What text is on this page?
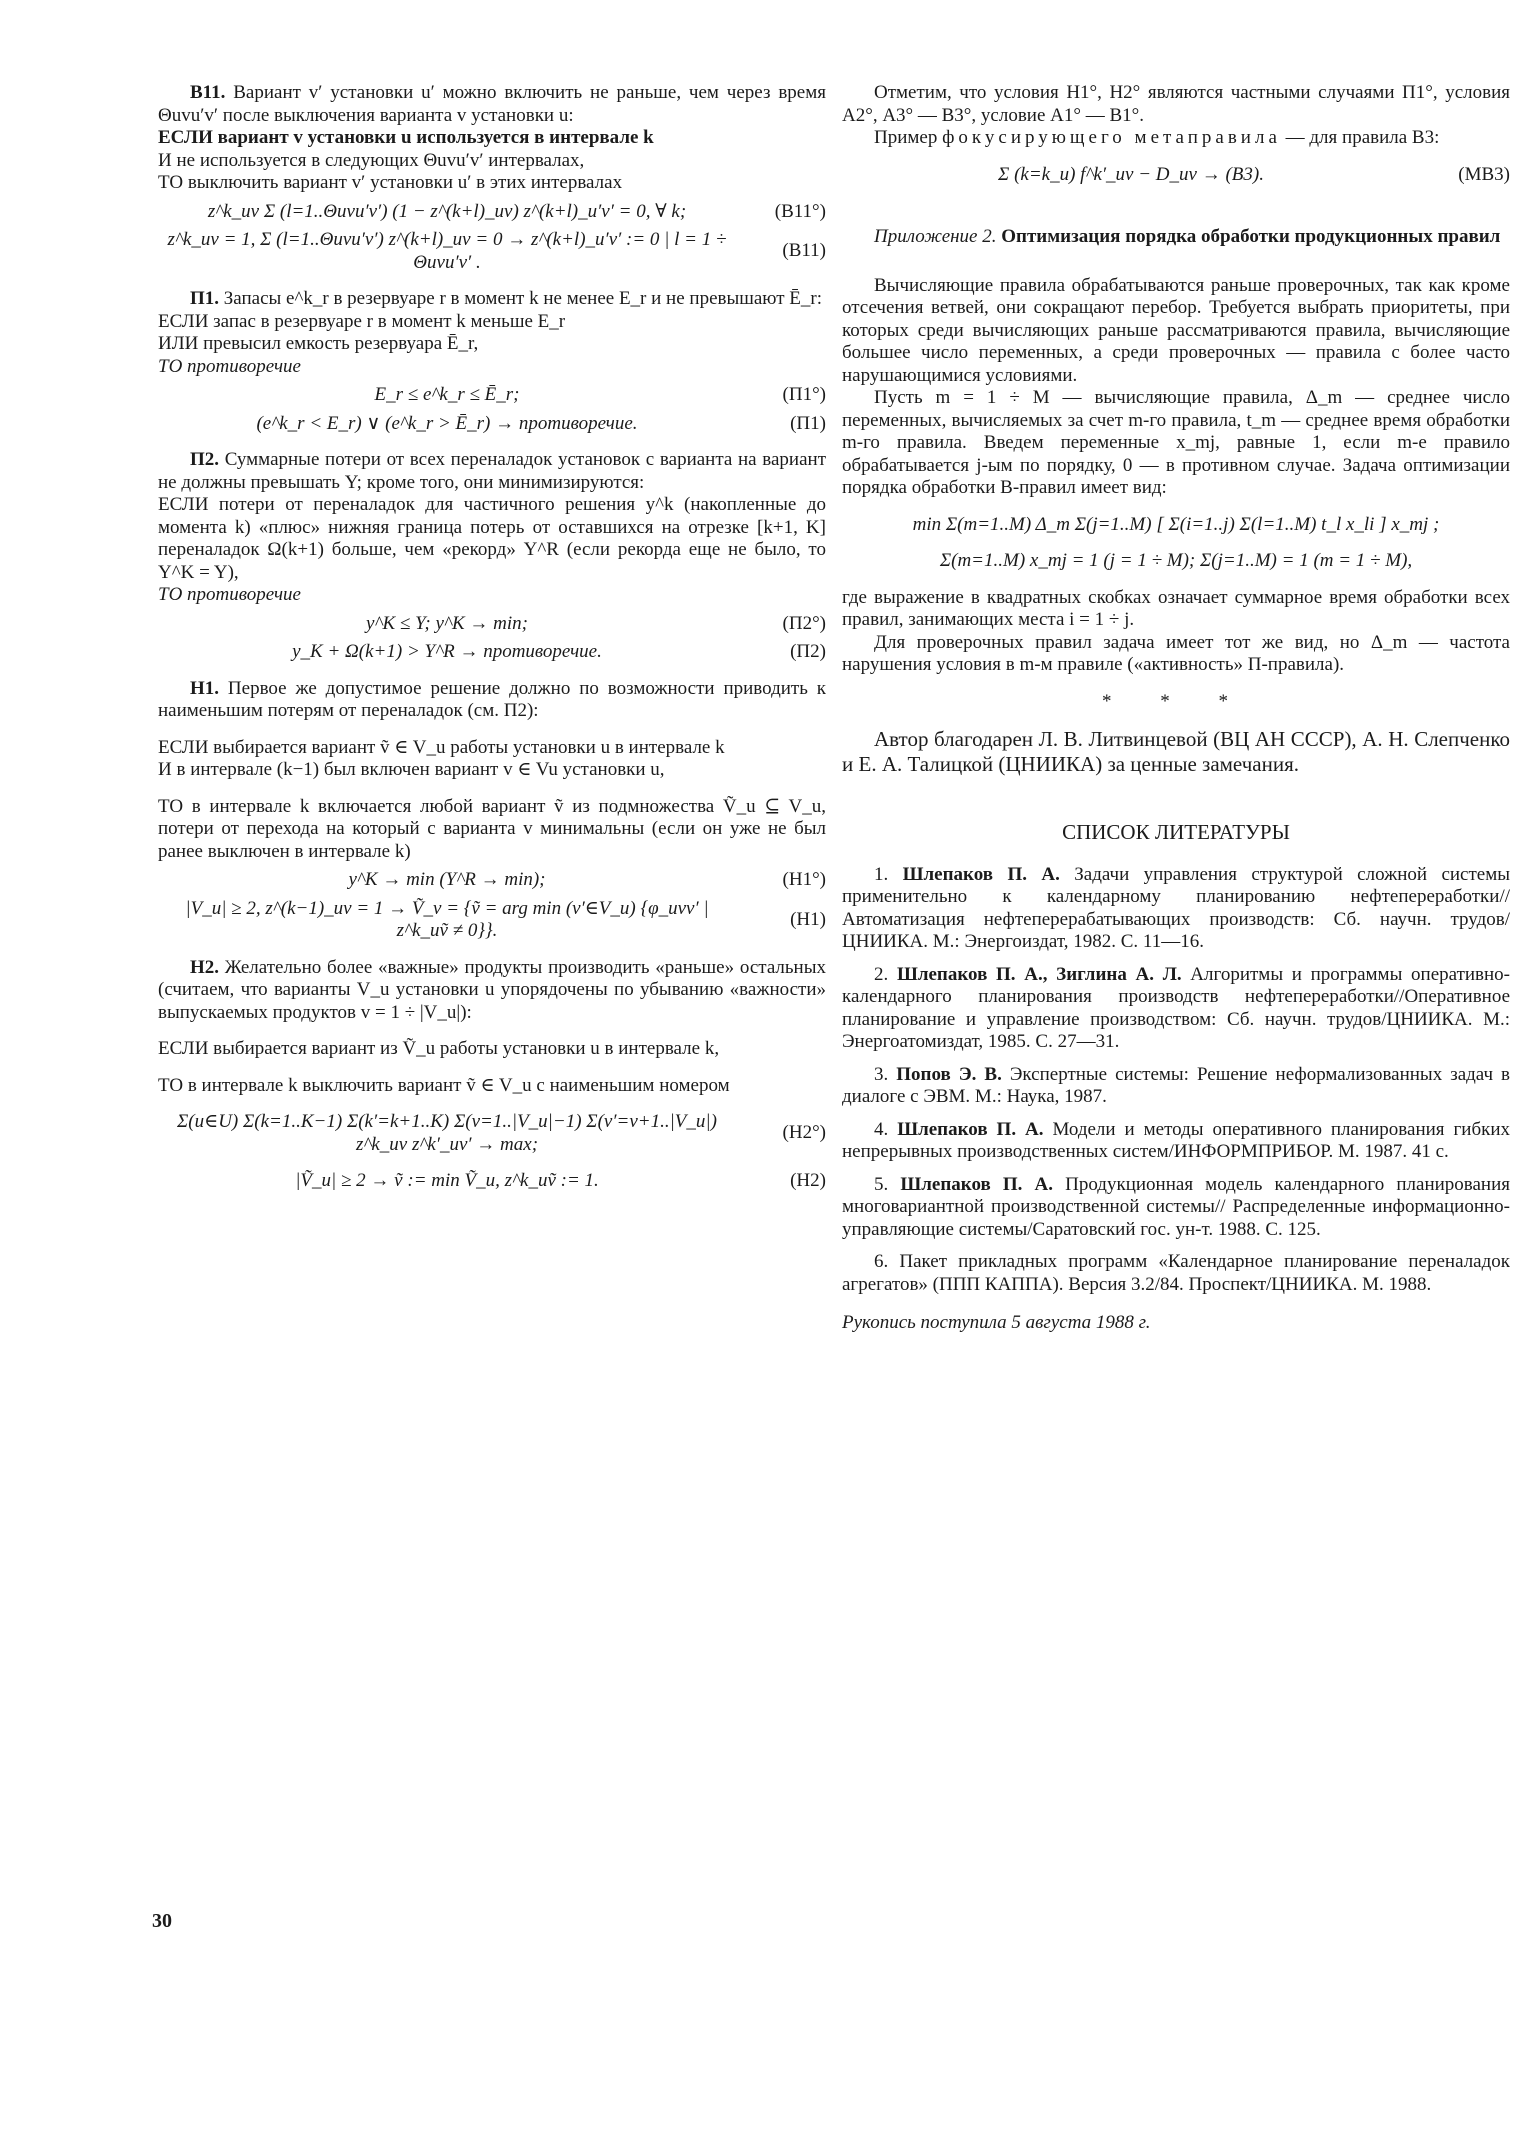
B11. Вариант v′ установки u′ можно включить не раньше, чем через время Θuvu′v′ после выключения варианта v установки u:

ЕСЛИ вариант v установки u используется в интервале k

И не используется в следующих Θuvu′v′ интервалах,

ТО выключить вариант v′ установки u′ в этих интервалах

z^k_uv Σ (l=1..Θuvu′v′) (1 − z^(k+l)_uv) z^(k+l)_u′v′ = 0, ∀ k;	(B11°)
z^k_uv = 1, Σ (l=1..Θuvu′v′) z^(k+l)_uv = 0 → z^(k+l)_u′v′ := 0 | l = 1 ÷ Θuvu′v′ .
(B11)

П1. Запасы e^k_r в резервуаре r в момент k не менее E_r и не превышают Ē_r:

ЕСЛИ запас в резервуаре r в момент k меньше E_r

ИЛИ превысил емкость резервуара Ē_r,

ТО противоречие

E_r ≤ e^k_r ≤ Ē_r;	(П1°)
(e^k_r < E_r) ∨ (e^k_r > Ē_r) → противоречие.	(П1)

П2. Суммарные потери от всех переналадок установок с варианта на вариант не должны превышать Y; кроме того, они минимизируются:

ЕСЛИ потери от переналадок для частичного решения y^k (накопленные до момента k) «плюс» нижняя граница потерь от оставшихся на отрезке [k+1, K] переналадок Ω(k+1) больше, чем «рекорд» Y^R (если рекорда еще не было, то Y^K = Y),

ТО противоречие

y^K ≤ Y; y^K → min;	(П2°)
y_K + Ω(k+1) > Y^R → противоречие.	(П2)

Н1. Первое же допустимое решение должно по возможности приводить к наименьшим потерям от переналадок (см. П2):

ЕСЛИ выбирается вариант ṽ ∈ V_u работы установки u в интервале k

И в интервале (k−1) был включен вариант v ∈ Vu установки u,

ТО в интервале k включается любой вариант ṽ из подмножества Ṽ_u ⊆ V_u, потери от перехода на который с варианта v минимальны (если он уже не был ранее выключен в интервале k)

y^K → min (Y^R → min);	(Н1°)
|V_u| ≥ 2, z^(k−1)_uv = 1 → Ṽ_v = {ṽ = arg min (v′∈V_u) {φ_uvv′ | z^k_uṽ ≠ 0}}.
(Н1)

Н2. Желательно более «важные» продукты производить «раньше» остальных (считаем, что варианты V_u установки u упорядочены по убыванию «важности» выпускаемых продуктов v = 1 ÷ |V_u|):

ЕСЛИ выбирается вариант из Ṽ_u работы установки u в интервале k,

ТО в интервале k выключить вариант ṽ ∈ V_u с наименьшим номером

Σ(u∈U) Σ(k=1..K−1) Σ(k′=k+1..K) Σ(v=1..|V_u|−1) Σ(v′=v+1..|V_u|) z^k_uv z^k′_uv′ → max;
(Н2°)
|Ṽ_u| ≥ 2 → ṽ := min Ṽ_u, z^k_uṽ := 1.	(Н2)

Отметим, что условия Н1°, Н2° являются частными случаями П1°, условия А2°, А3° — В3°, условие А1° — В1°.

Пример фокусирующего метаправила — для правила В3:

Σ (k=k_u) f^k′_uv − D_uv → (B3).	(МВ3)

Приложение 2. Оптимизация порядка обработки продукционных правил

Вычисляющие правила обрабатываются раньше проверочных, так как кроме отсечения ветвей, они сокращают перебор. Требуется выбрать приоритеты, при которых среди вычисляющих раньше рассматриваются правила, вычисляющие большее число переменных, а среди проверочных — правила с более часто нарушающимися условиями.

Пусть m = 1 ÷ M — вычисляющие правила, Δ_m — среднее число переменных, вычисляемых за счет m-го правила, t_m — среднее время обработки m-го правила. Введем переменные x_mj, равные 1, если m-е правило обрабатывается j-ым по порядку, 0 — в противном случае. Задача оптимизации порядка обработки В-правил имеет вид:

min Σ(m=1..M) Δ_m Σ(j=1..M) [ Σ(i=1..j) Σ(l=1..M) t_l x_li ] x_mj ;
Σ(m=1..M) x_mj = 1 (j = 1 ÷ M); Σ(j=1..M) = 1 (m = 1 ÷ M),

где выражение в квадратных скобках означает суммарное время обработки всех правил, занимающих места i = 1 ÷ j.

Для проверочных правил задача имеет тот же вид, но Δ_m — частота нарушения условия в m-м правиле («активность» П-правила).

* * *

Автор благодарен Л. В. Литвинцевой (ВЦ АН СССР), А. Н. Слепченко и Е. А. Талицкой (ЦНИИКА) за ценные замечания.

СПИСОК ЛИТЕРАТУРЫ

1. Шлепаков П. А. Задачи управления структурой сложной системы применительно к календарному планированию нефтепереработки//Автоматизация нефтеперерабатывающих производств: Сб. научн. трудов/ЦНИИКА. М.: Энергоиздат, 1982. С. 11—16.

2. Шлепаков П. А., Зиглина А. Л. Алгоритмы и программы оперативно-календарного планирования производств нефтепереработки//Оперативное планирование и управление производством: Сб. научн. трудов/ЦНИИКА. М.: Энергоатомиздат, 1985. С. 27—31.

3. Попов Э. В. Экспертные системы: Решение неформализованных задач в диалоге с ЭВМ. М.: Наука, 1987.

4. Шлепаков П. А. Модели и методы оперативного планирования гибких непрерывных производственных систем/ИНФОРМПРИБОР. М. 1987. 41 с.

5. Шлепаков П. А. Продукционная модель календарного планирования многовариантной производственной системы// Распределенные информационно-управляющие системы/Саратовский гос. ун-т. 1988. С. 125.

6. Пакет прикладных программ «Календарное планирование переналадок агрегатов» (ППП КАППА). Версия 3.2/84. Проспект/ЦНИИКА. М. 1988.

Рукопись поступила 5 августа 1988 г.

30
